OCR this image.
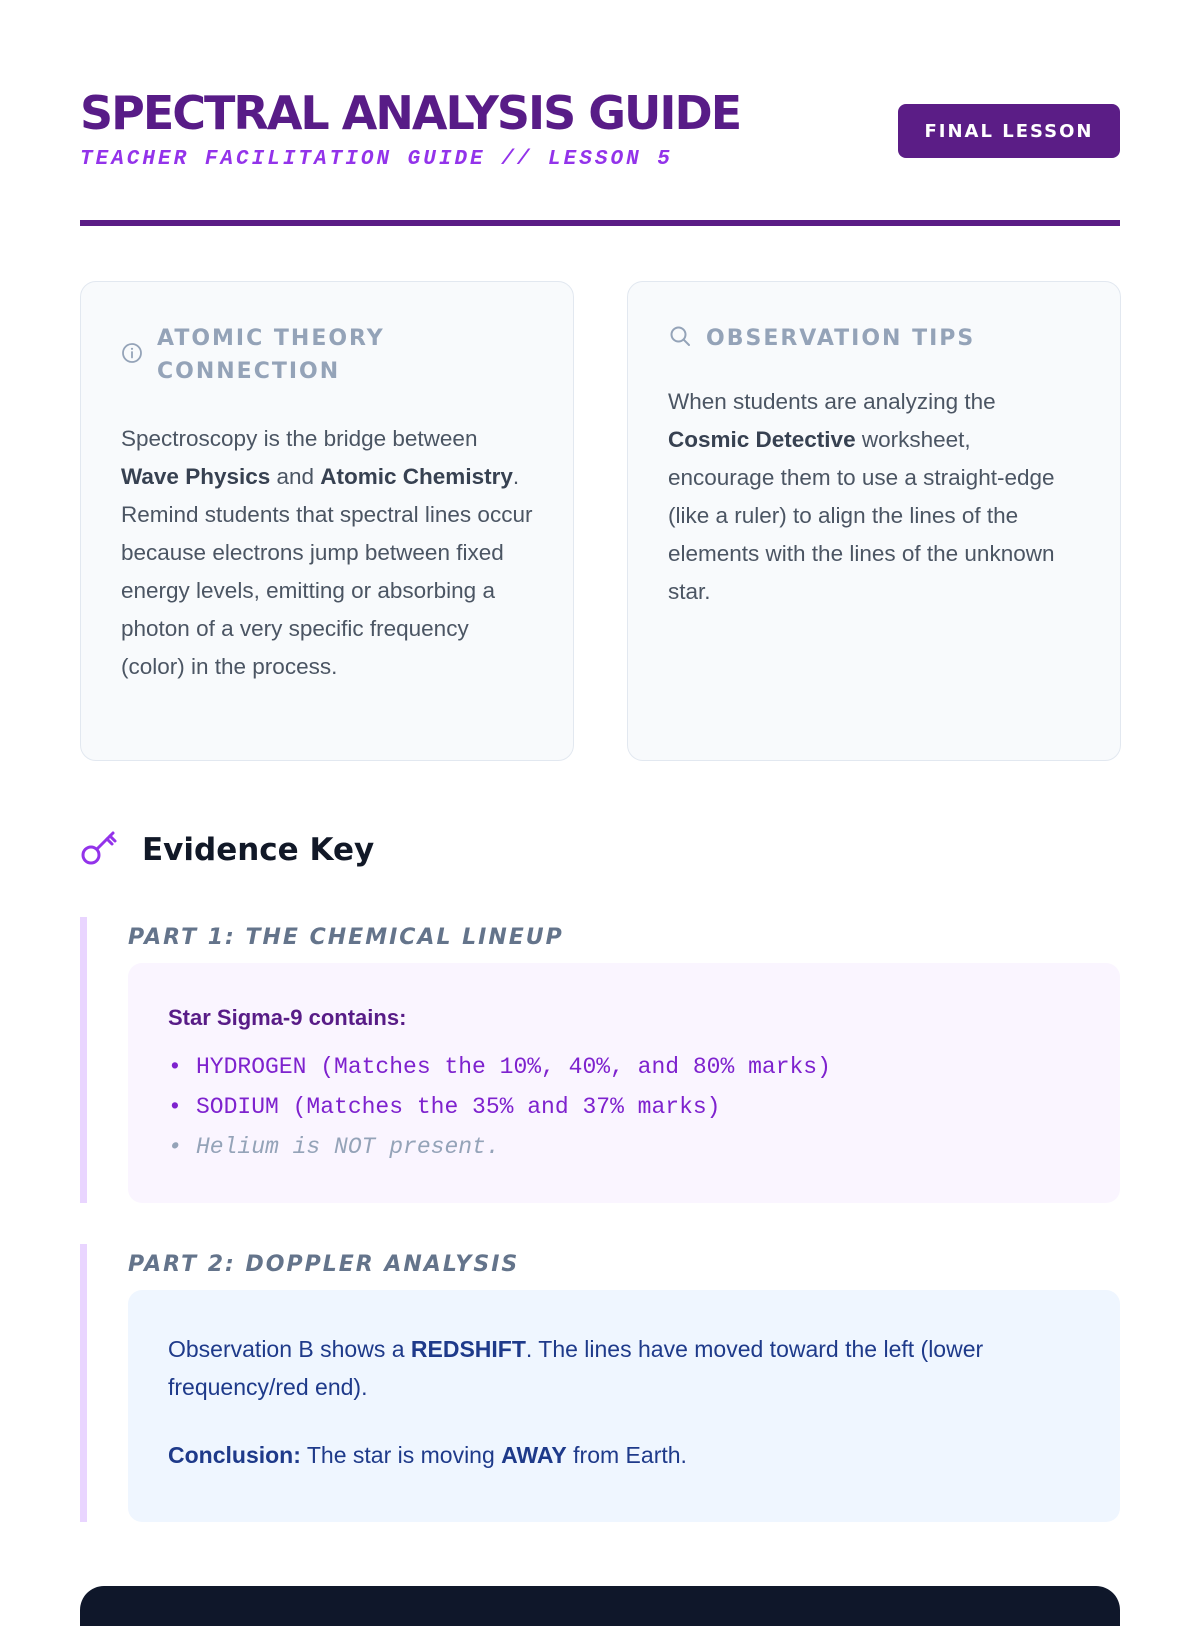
SPECTRAL ANALYSIS GUIDE
TEACHER FACILITATION GUIDE // LESSON 5
FINAL LESSON
ATOMIC THEORY
CONNECTION
Spectroscopy is the bridge between Wave Physics and Atomic Chemistry. Remind students that spectral lines occur because electrons jump between fixed energy levels, emitting or absorbing a photon of a very specific frequency (color) in the process.
OBSERVATION TIPS
When students are analyzing the Cosmic Detective worksheet, encourage them to use a straight-edge (like a ruler) to align the lines of the elements with the lines of the unknown star.
Evidence Key
PART 1: THE CHEMICAL LINEUP
Star Sigma-9 contains:
• HYDROGEN (Matches the 10%, 40%, and 80% marks)
• SODIUM (Matches the 35% and 37% marks)
• Helium is NOT present.
PART 2: DOPPLER ANALYSIS
Observation B shows a REDSHIFT. The lines have moved toward the left (lower frequency/red end).
Conclusion: The star is moving AWAY from Earth.
